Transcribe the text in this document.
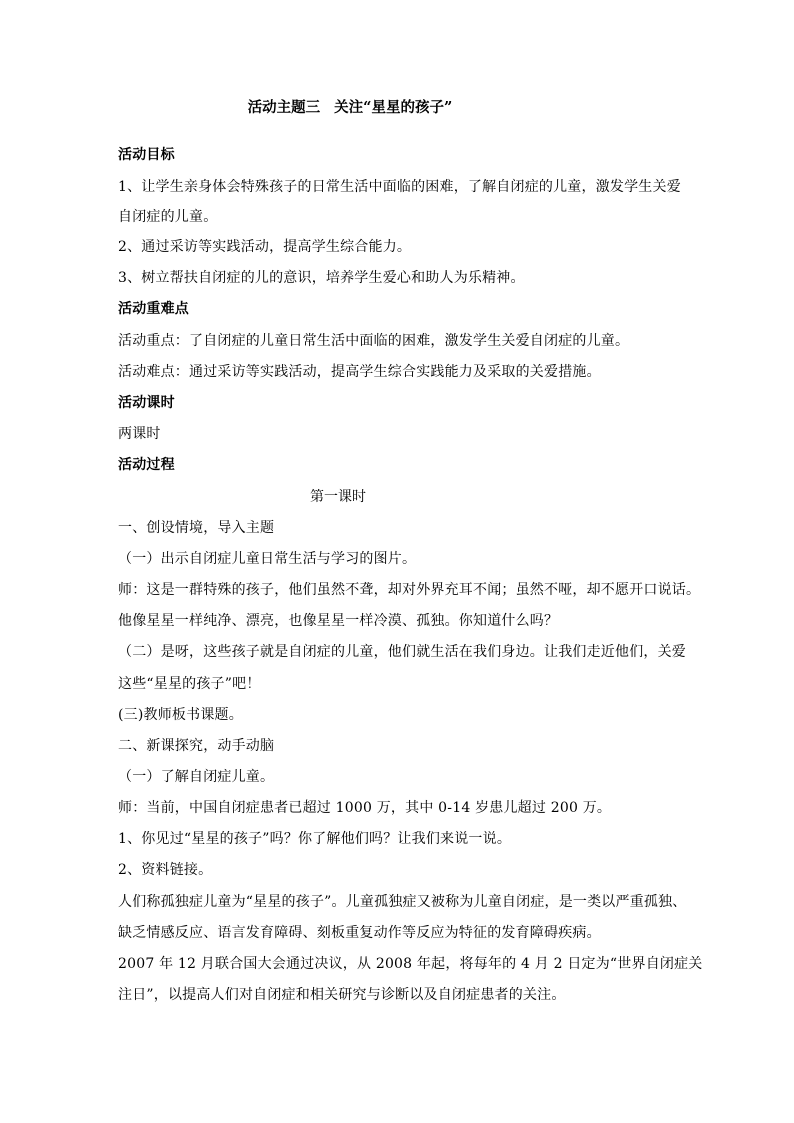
活动主题三 关注“星星的孩子”
活动目标
1、让学生亲身体会特殊孩子的日常生活中面临的困难，了解自闭症的儿童，激发学生关爱
自闭症的儿童。
2、通过采访等实践活动，提高学生综合能力。
3、树立帮扶自闭症的儿的意识，培养学生爱心和助人为乐精神。
活动重难点
活动重点：了自闭症的儿童日常生活中面临的困难，激发学生关爱自闭症的儿童。
活动难点：通过采访等实践活动，提高学生综合实践能力及采取的关爱措施。
活动课时
两课时
活动过程
第一课时
一、创设情境，导入主题
（一）出示自闭症儿童日常生活与学习的图片。
师：这是一群特殊的孩子，他们虽然不聋，却对外界充耳不闻；虽然不哑，却不愿开口说话。
他像星星一样纯净、漂亮，也像星星一样冷漠、孤独。你知道什么吗？
（二）是呀，这些孩子就是自闭症的儿童，他们就生活在我们身边。让我们走近他们，关爱
这些“星星的孩子”吧！
(三)教师板书课题。
二、新课探究，动手动脑
（一）了解自闭症儿童。
师：当前，中国自闭症患者已超过 1000 万，其中 0-14 岁患儿超过 200 万。
1、你见过“星星的孩子”吗？你了解他们吗？让我们来说一说。
2、资料链接。
人们称孤独症儿童为“星星的孩子”。儿童孤独症又被称为儿童自闭症，是一类以严重孤独、
缺乏情感反应、语言发育障碍、刻板重复动作等反应为特征的发育障碍疾病。
2007 年 12 月联合国大会通过决议，从 2008 年起，将每年的 4 月 2 日定为“世界自闭症关
注日”，以提高人们对自闭症和相关研究与诊断以及自闭症患者的关注。
